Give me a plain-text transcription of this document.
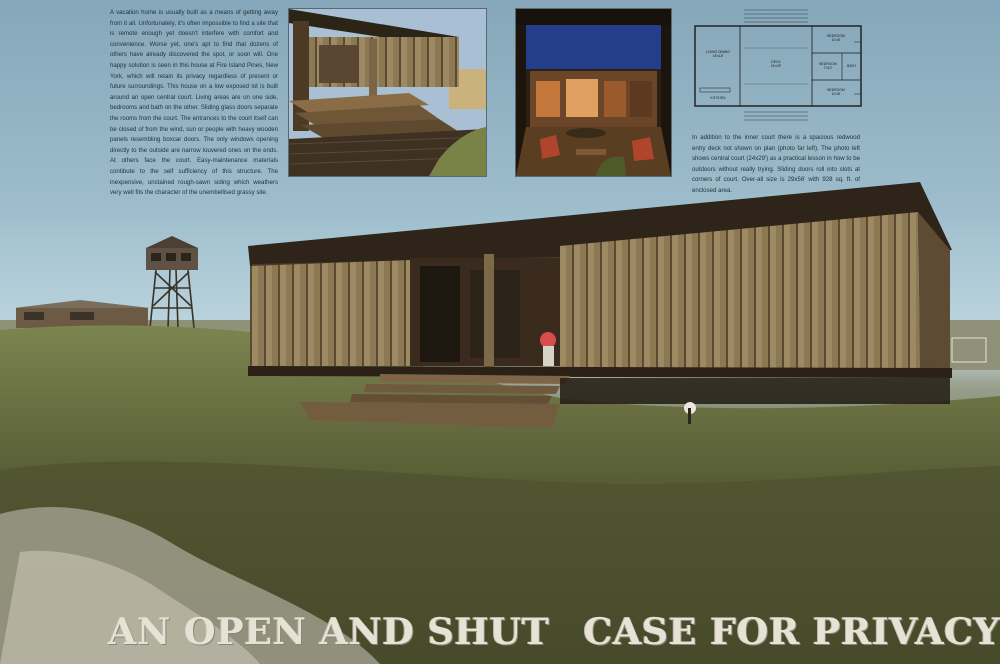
A vacation home is usually built as a means of getting away from it all. Unfortunately, it's often impossible to find a site that is remote enough yet doesn't interfere with comfort and convenience. Worse yet, one's apt to find that dozens of others have already discovered the spot, or soon will. One happy solution is seen in this house at Fire Island Pines, New York, which will retain its privacy regardless of present or future surroundings. This house on a low exposed lot is built around an open central court. Living areas are on one side, bedrooms and bath on the other. Sliding glass doors separate the rooms from the court. The entrances to the court itself can be closed of from the wind, sun or people with heavy wooden panels resembling boxcar doors. The only windows opening directly to the outside are narrow louvered ones on the ends. At others face the court. Easy-maintenance materials contibute to the self sufficiency of this structure. The inexpensive, unstained rough-sawn siding which weathers very well fits the character of the unembellised grassy site.
LIVING DINING
16'x18'
KITCHEN
DECK
24'x29'
BEDROOM
10'x8'
BEDROOM
7'x12'	BATH
BEDROOM
10'x8'
In addition to the inner court there is a spacious redwood entry deck not shown on plan (photo far left). The photo left shows central court (24x29') as a practical lesson in how to be outdoors without really trying. Sliding doors roll into slots at corners of court. Over-all size is 29x56' with 928 sq. ft. of enclosed area.
AN OPEN AND SHUT CASE FOR PRIVACY
